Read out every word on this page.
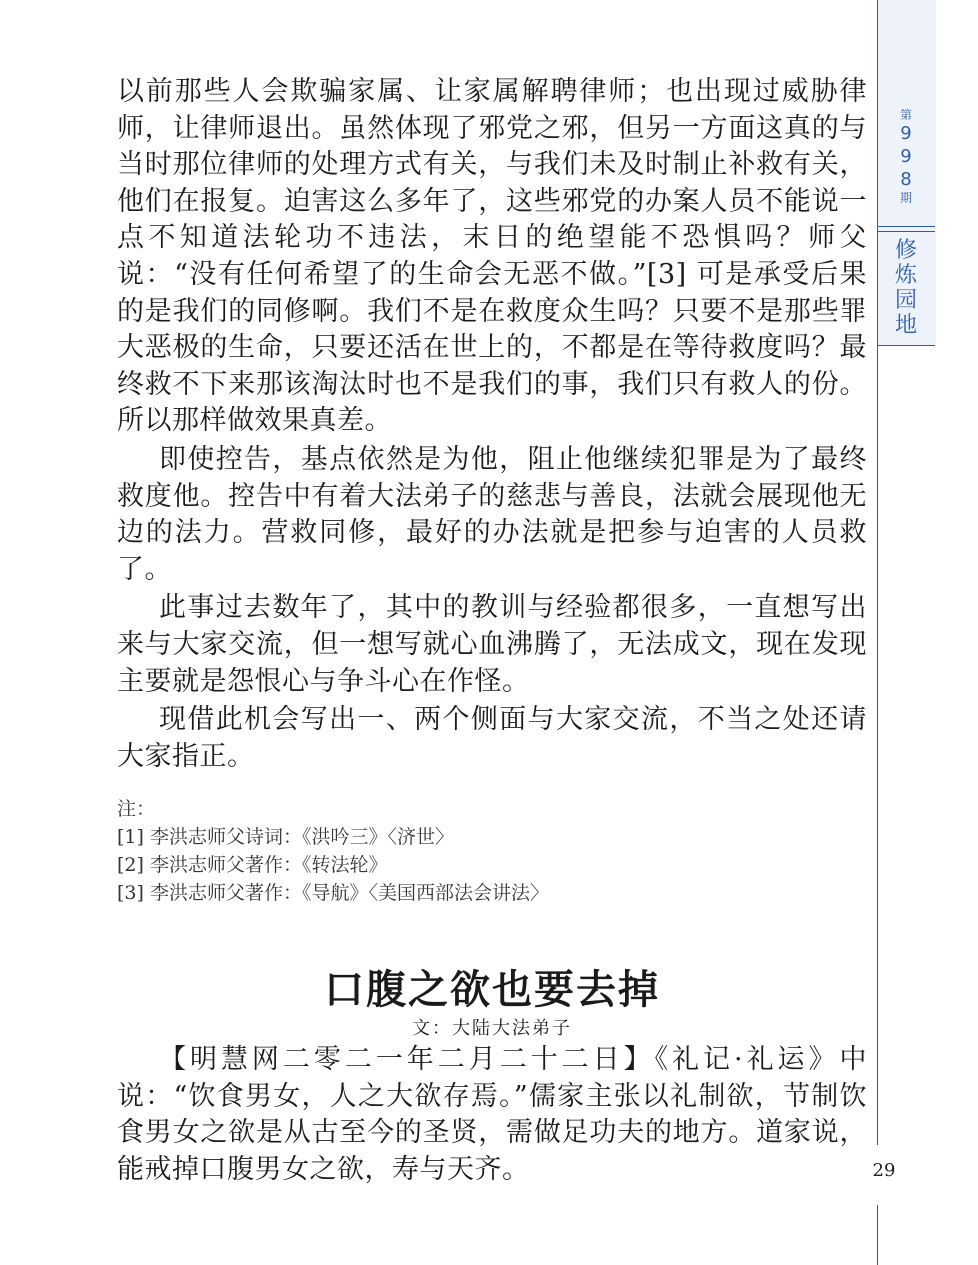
第
9
9
8
期
修
炼
园
地
29

以前那些人会欺骗家属、让家属解聘律师；也出现过威胁律师，让律师退出。虽然体现了邪党之邪，但另一方面这真的与当时那位律师的处理方式有关，与我们未及时制止补救有关，他们在报复。迫害这么多年了，这些邪党的办案人员不能说一点不知道法轮功不违法，末日的绝望能不恐惧吗？师父说：“没有任何希望了的生命会无恶不做。”[3] 可是承受后果的是我们的同修啊。我们不是在救度众生吗？只要不是那些罪大恶极的生命，只要还活在世上的，不都是在等待救度吗？最终救不下来那该淘汰时也不是我们的事，我们只有救人的份。所以那样做效果真差。

即使控告，基点依然是为他，阻止他继续犯罪是为了最终救度他。控告中有着大法弟子的慈悲与善良，法就会展现他无边的法力。营救同修，最好的办法就是把参与迫害的人员救了。

此事过去数年了，其中的教训与经验都很多，一直想写出来与大家交流，但一想写就心血沸腾了，无法成文，现在发现主要就是怨恨心与争斗心在作怪。

现借此机会写出一、两个侧面与大家交流，不当之处还请大家指正。

注：
[1] 李洪志师父诗词：《洪吟三》〈济世〉
[2] 李洪志师父著作：《转法轮》
[3] 李洪志师父著作：《导航》〈美国西部法会讲法〉
口腹之欲也要去掉
文：大陆大法弟子

【明慧网二零二一年二月二十二日】《礼记·礼运》中说：“饮食男女，人之大欲存焉。”儒家主张以礼制欲，节制饮食男女之欲是从古至今的圣贤，需做足功夫的地方。道家说，能戒掉口腹男女之欲，寿与天齐。
